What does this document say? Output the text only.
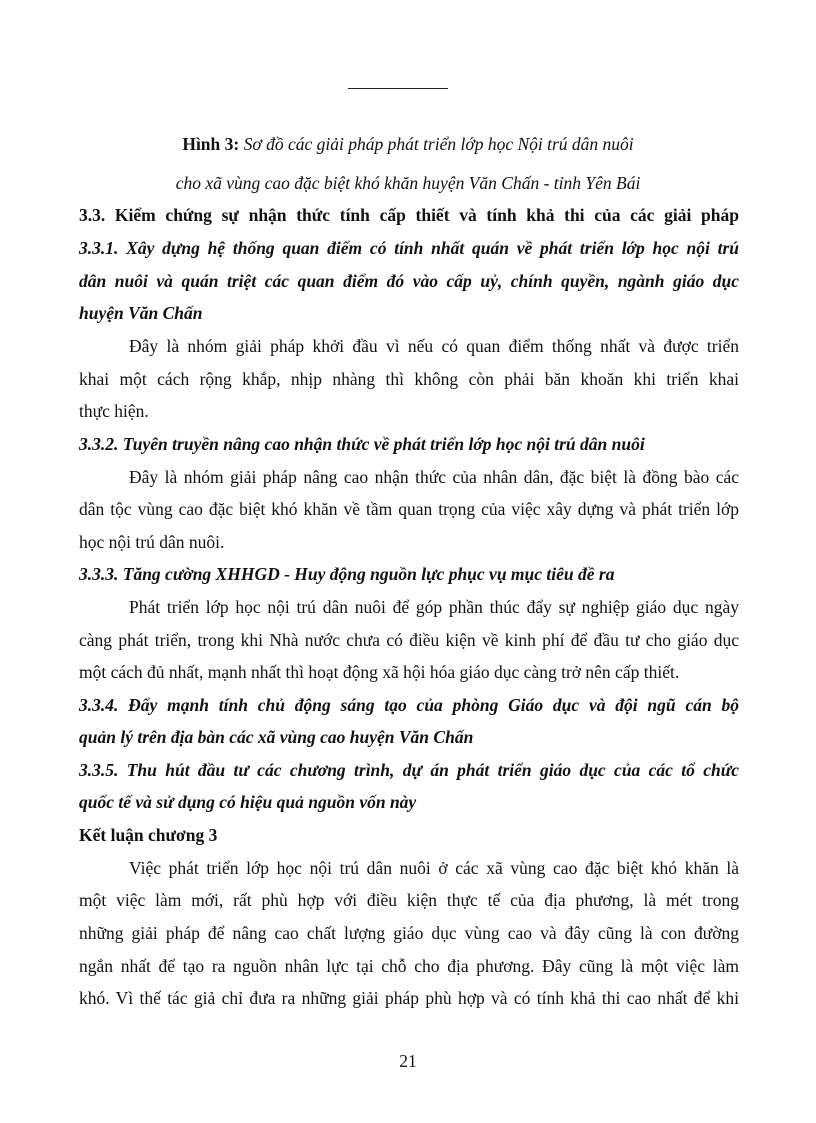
Hình 3: Sơ đồ các giải pháp phát triển lớp học Nội trú dân nuôi
cho xã vùng cao đặc biệt khó khăn huyện Văn Chấn - tỉnh Yên Bái
3.3. Kiểm chứng sự nhận thức tính cấp thiết và tính khả thi của các giải pháp
3.3.1. Xây dựng hệ thống quan điểm có tính nhất quán về phát triển lớp học nội trú
dân nuôi và quán triệt các quan điểm đó vào cấp uỷ, chính quyền, ngành giáo dục
huyện Văn Chấn
Đây là nhóm giải pháp khởi đầu vì nếu có quan điểm thống nhất và được triển
khai một cách rộng khắp, nhịp nhàng thì không còn phải băn khoăn khi triển khai
thực hiện.
3.3.2. Tuyên truyền nâng cao nhận thức về phát triển lớp học nội trú dân nuôi
Đây là nhóm giải pháp nâng cao nhận thức của nhân dân, đặc biệt là đồng bào các
dân tộc vùng cao đặc biệt khó khăn về tầm quan trọng của việc xây dựng và phát triển lớp
học nội trú dân nuôi.
3.3.3. Tăng cường XHHGD - Huy động nguồn lực phục vụ mục tiêu đề ra
Phát triển lớp học nội trú dân nuôi để góp phần thúc đẩy sự nghiệp giáo dục ngày
càng phát triển, trong khi Nhà nước chưa có điều kiện về kinh phí để đầu tư cho giáo dục
một cách đủ nhất, mạnh nhất thì hoạt động xã hội hóa giáo dục càng trở nên cấp thiết.
3.3.4. Đẩy mạnh tính chủ động sáng tạo của phòng Giáo dục và đội ngũ cán bộ
quản lý trên địa bàn các xã vùng cao huyện Văn Chấn
3.3.5. Thu hút đầu tư các chương trình, dự án phát triển giáo dục của các tổ chức
quốc tế và sử dụng có hiệu quả nguồn vốn này
Kết luận chương 3
Việc phát triển lớp học nội trú dân nuôi ở các xã vùng cao đặc biệt khó khăn là
một việc làm mới, rất phù hợp với điều kiện thực tế của địa phương, là mét trong
những giải pháp để nâng cao chất lượng giáo dục vùng cao và đây cũng là con đường
ngắn nhất để tạo ra nguồn nhân lực tại chỗ cho địa phương. Đây cũng là một việc làm
khó. Vì thế tác giả chỉ đưa ra những giải pháp phù hợp và có tính khả thi cao nhất để khi
21
